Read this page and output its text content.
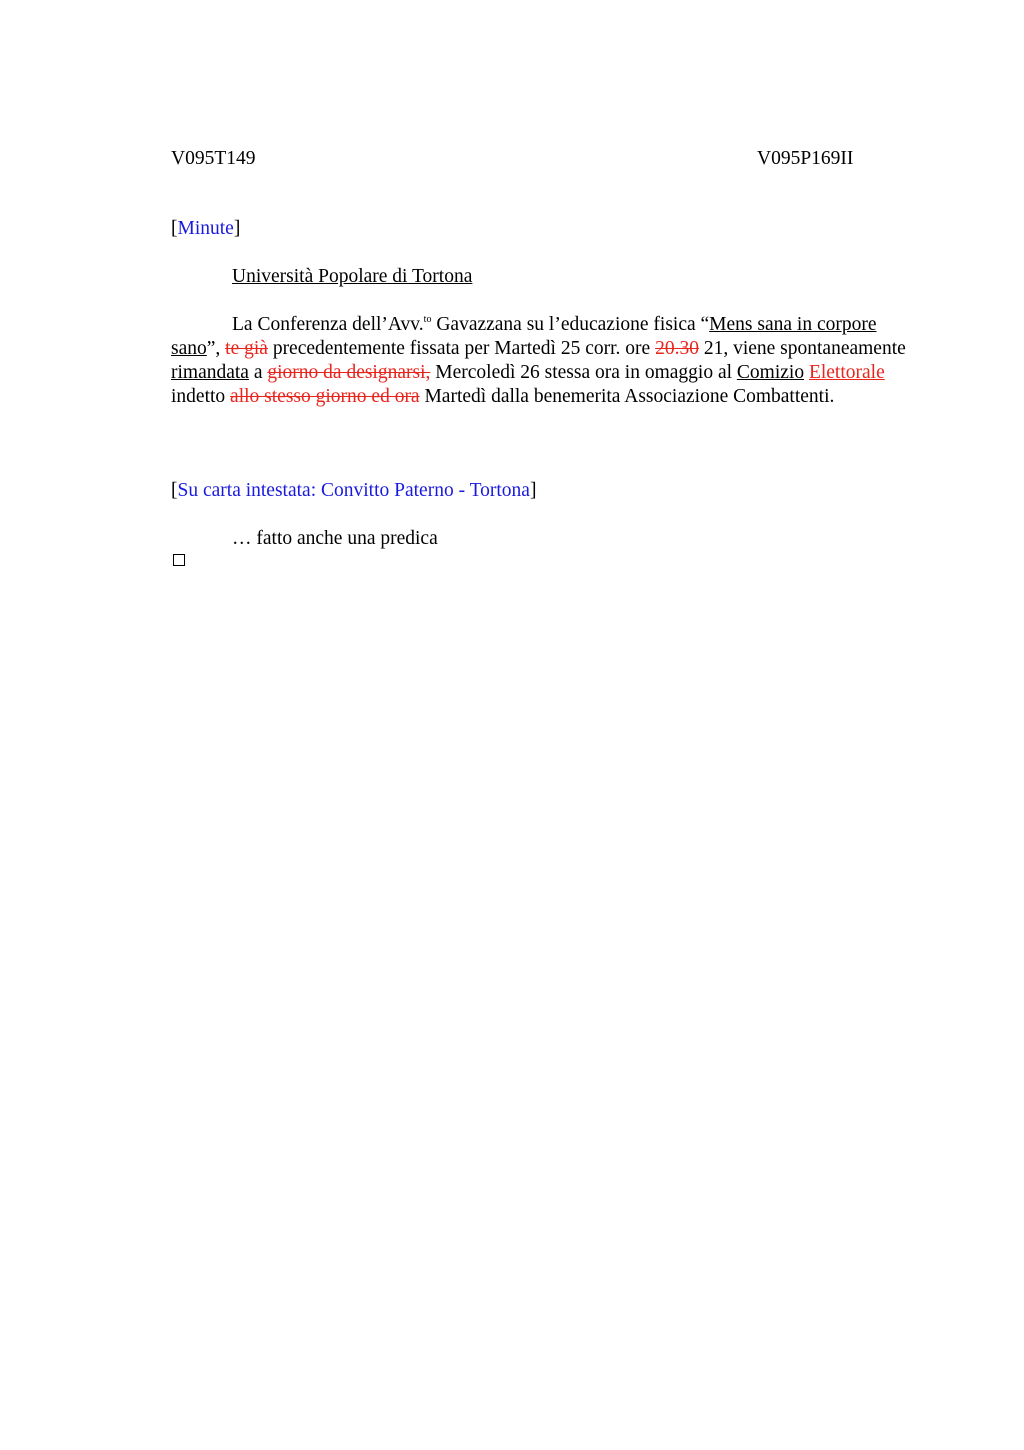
V095T149	V095P169II
[Minute]
Università Popolare di Tortona
La Conferenza dell’Avv.$^{to}$ Gavazzana su l’educazione fisica “Mens sana in corpore sano”, te già precedentemente fissata per Martedì 25 corr. ore 20.30 21, viene spontaneamente rimandata a giorno da designarsi, Mercoledì 26 stessa ora in omaggio al Comizio Elettorale indetto allo stesso giorno ed ora Martedì dalla benemerita Associazione Combattenti.
[Su carta intestata: Convitto Paterno - Tortona]
… fatto anche una predica
